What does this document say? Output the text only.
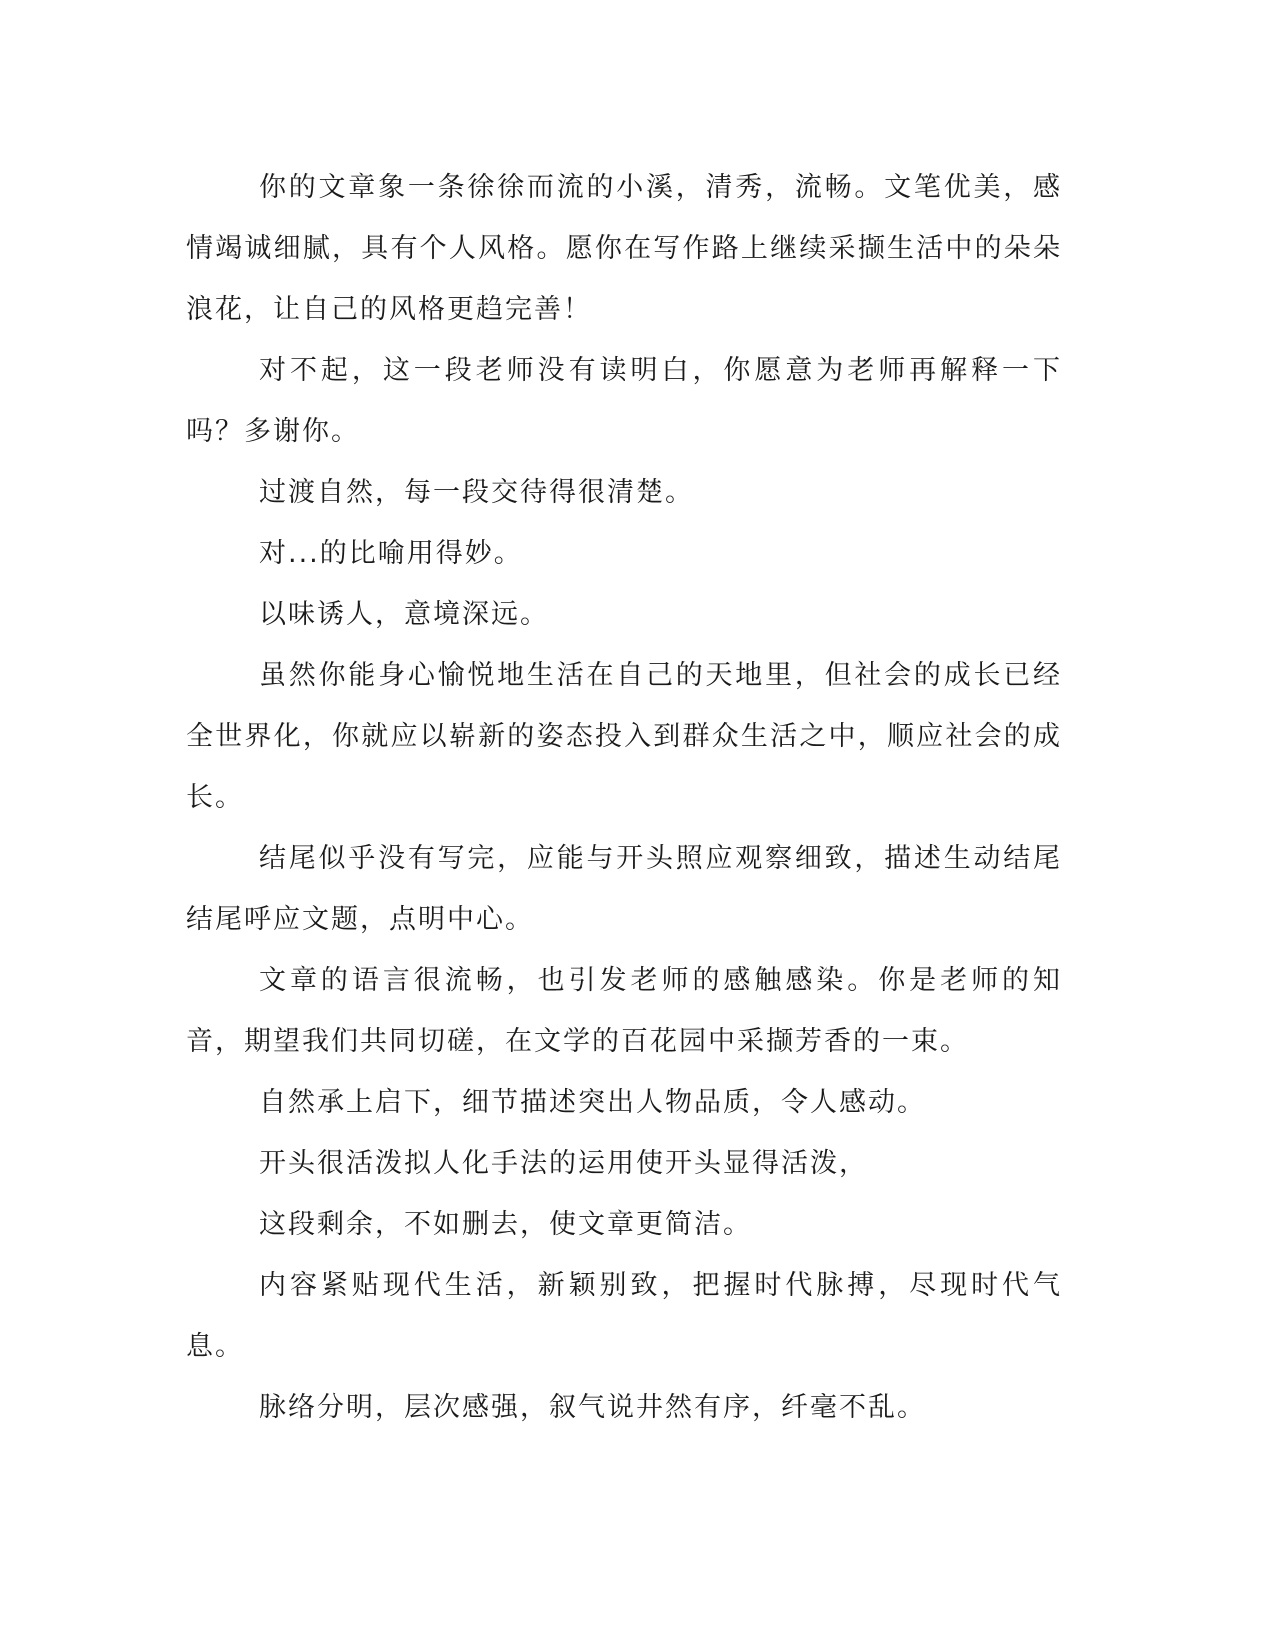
你的文章象一条徐徐而流的小溪，清秀，流畅。文笔优美，感情竭诚细腻，具有个人风格。愿你在写作路上继续采撷生活中的朵朵浪花，让自己的风格更趋完善！

对不起，这一段老师没有读明白，你愿意为老师再解释一下吗？多谢你。

过渡自然，每一段交待得很清楚。

对...的比喻用得妙。

以味诱人，意境深远。

虽然你能身心愉悦地生活在自己的天地里，但社会的成长已经全世界化，你就应以崭新的姿态投入到群众生活之中，顺应社会的成长。

结尾似乎没有写完，应能与开头照应观察细致，描述生动结尾结尾呼应文题，点明中心。

文章的语言很流畅，也引发老师的感触感染。你是老师的知音，期望我们共同切磋，在文学的百花园中采撷芳香的一束。

自然承上启下，细节描述突出人物品质，令人感动。

开头很活泼拟人化手法的运用使开头显得活泼，

这段剩余，不如删去，使文章更简洁。

内容紧贴现代生活，新颖别致，把握时代脉搏，尽现时代气息。

脉络分明，层次感强，叙气说井然有序，纤毫不乱。
